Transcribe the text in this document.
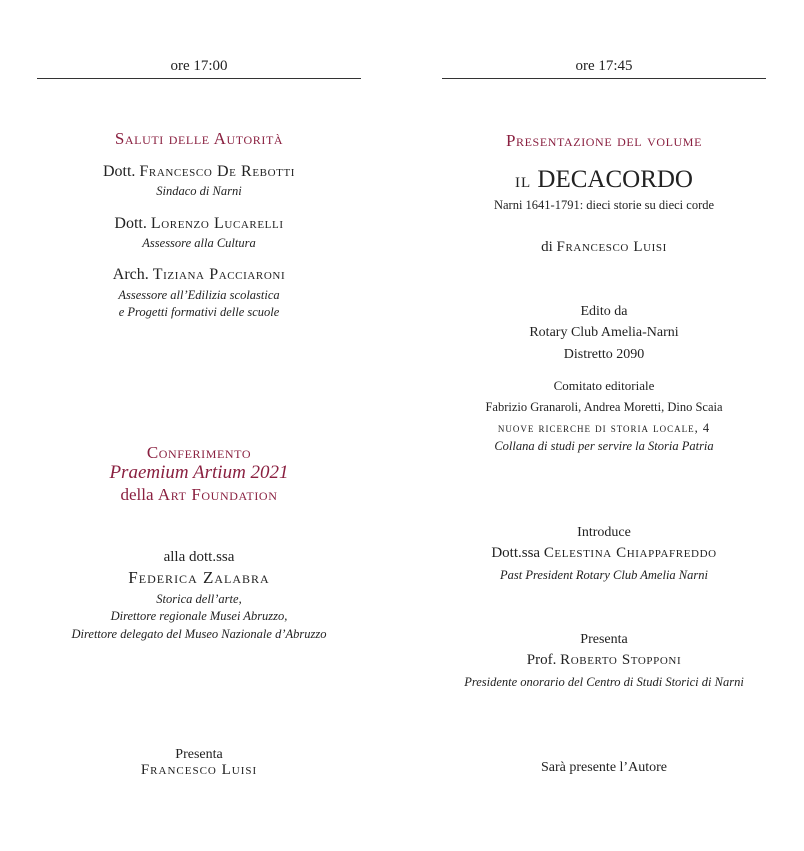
ore 17:00
Saluti delle Autorità
Dott. Francesco De Rebotti
Sindaco di Narni
Dott. Lorenzo Lucarelli
Assessore alla Cultura
Arch. Tiziana Pacciaroni
Assessore all’Edilizia scolastica
e Progetti formativi delle scuole
Conferimento
Praemium Artium 2021
della Art Foundation
alla dott.ssa
Federica Zalabra
Storica dell’arte,
Direttore regionale Musei Abruzzo,
Direttore delegato del Museo Nazionale d’Abruzzo
Presenta
Francesco Luisi
ore 17:45
Presentazione del volume
il DECACORDO
Narni 1641-1791: dieci storie su dieci corde
di Francesco Luisi
Edito da
Rotary Club Amelia-Narni
Distretto 2090
Comitato editoriale
Fabrizio Granaroli, Andrea Moretti, Dino Scaia
nuove ricerche di storia locale, 4
Collana di studi per servire la Storia Patria
Introduce
Dott.ssa Celestina Chiappafreddo
Past President Rotary Club Amelia Narni
Presenta
Prof. Roberto Stopponi
Presidente onorario del Centro di Studi Storici di Narni
Sarà presente l’Autore
